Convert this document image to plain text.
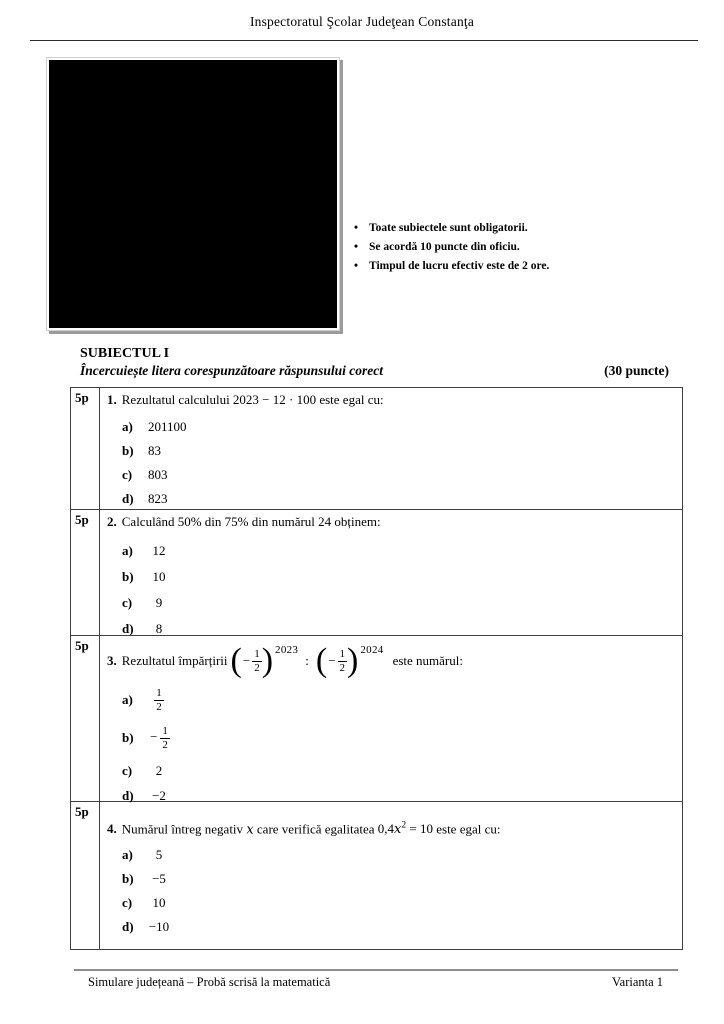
Inspectoratul Şcolar Judeţean Constanţa
• Toate subiectele sunt obligatorii.
• Se acordă 10 puncte din oficiu.
• Timpul de lucru efectiv este de 2 ore.
SUBIECTUL I
Încercuiește litera corespunzătoare răspunsului corect	(30 puncte)
5p	1. Rezultatul calculului 2023 − 12 · 100 este egal cu:
a)	201100
b)	83
c)	803
d)	823
5p	2. Calculând 50% din 75% din numărul 24 obținem:
a)	12
b)	10
c)	9
d)	8
5p
3. Rezultatul împărțirii ( − $\frac{1}{2}$ ) 2023
: ( − $\frac{1}{2}$ ) 2024
este numărul:
a)	$\frac{1}{2}$
b)	− $\frac{1}{2}$
c)	2
d)	−2
5p
4. Numărul întreg negativ x care verifică egalitatea $0,4x^2 = 10$ este egal cu:
a)	5
b)	−5
c)	10
d)	−10
Simulare județeană – Probă scrisă la matematică	Varianta 1
